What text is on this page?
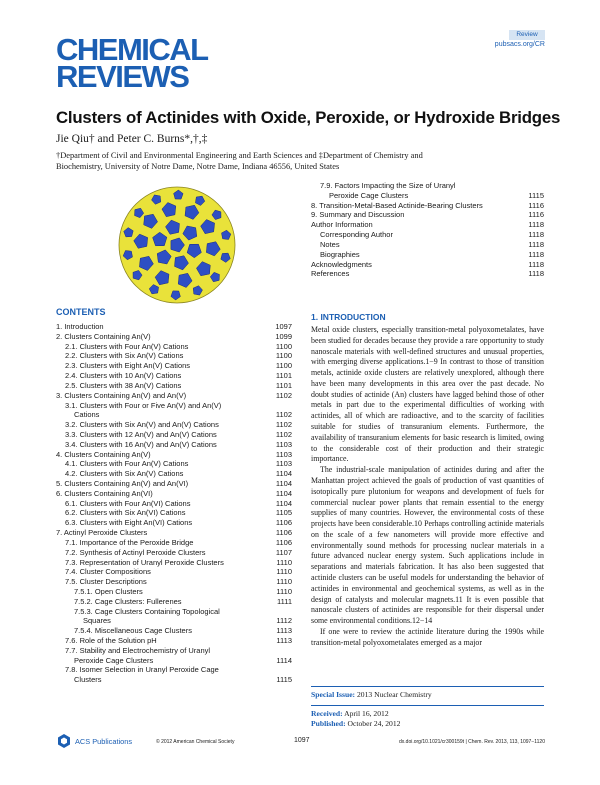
CHEMICAL
REVIEWS
Review
pubsacs.org/CR
Clusters of Actinides with Oxide, Peroxide, or Hydroxide Bridges
Jie Qiu† and Peter C. Burns*,†,‡
†Department of Civil and Environmental Engineering and Earth Sciences and ‡Department of Chemistry and Biochemistry, University of Notre Dame, Notre Dame, Indiana 46556, United States
CONTENTS
1. Introduction	1097
2. Clusters Containing An(V)	1099
2.1. Clusters with Four An(V) Cations	1100
2.2. Clusters with Six An(V) Cations	1100
2.3. Clusters with Eight An(V) Cations	1100
2.4. Clusters with 10 An(V) Cations	1101
2.5. Clusters with 38 An(V) Cations	1101
3. Clusters Containing An(V) and An(V)	1102
3.1. Clusters with Four or Five An(V) and An(V)
Cations	1102
3.2. Clusters with Six An(V) and An(V) Cations	1102
3.3. Clusters with 12 An(V) and An(V) Cations	1102
3.4. Clusters with 16 An(V) and An(V) Cations	1103
4. Clusters Containing An(V)	1103
4.1. Clusters with Four An(V) Cations	1103
4.2. Clusters with Six An(V) Cations	1104
5. Clusters Containing An(V) and An(VI)	1104
6. Clusters Containing An(VI)	1104
6.1. Clusters with Four An(VI) Cations	1104
6.2. Clusters with Six An(VI) Cations	1105
6.3. Clusters with Eight An(VI) Cations	1106
7. Actinyl Peroxide Clusters	1106
7.1. Importance of the Peroxide Bridge	1106
7.2. Synthesis of Actinyl Peroxide Clusters	1107
7.3. Representation of Uranyl Peroxide Clusters	1110
7.4. Cluster Compositions	1110
7.5. Cluster Descriptions	1110
7.5.1. Open Clusters	1110
7.5.2. Cage Clusters: Fullerenes	1111
7.5.3. Cage Clusters Containing Topological
Squares	1112
7.5.4. Miscellaneous Cage Clusters	1113
7.6. Role of the Solution pH	1113
7.7. Stability and Electrochemistry of Uranyl
Peroxide Cage Clusters	1114
7.8. Isomer Selection in Uranyl Peroxide Cage
Clusters	1115
7.9. Factors Impacting the Size of Uranyl
Peroxide Cage Clusters	1115
8. Transition-Metal-Based Actinide-Bearing Clusters	1116
9. Summary and Discussion	1116
Author Information	1118
Corresponding Author	1118
Notes	1118
Biographies	1118
Acknowledgments	1118
References	1118
1. INTRODUCTION

Metal oxide clusters, especially transition-metal polyoxometalates, have been studied for decades because they provide a rare opportunity to study nanoscale materials with well-defined structures and unusual properties, with emerging diverse applications.1−9 In contrast to those of transition metals, actinide oxide clusters are relatively unexplored, although there have been many developments in this area over the past decade. No doubt studies of actinide (An) clusters have lagged behind those of other metals in part due to the experimental difficulties of working with actinides, all of which are radioactive, and to the scarcity of facilities suitable for studies of transuranium elements. Furthermore, the availability of transuranium elements for basic research is limited, owing to the considerable cost of their production and their strategic importance.

The industrial-scale manipulation of actinides during and after the Manhattan project achieved the goals of production of vast quantities of isotopically pure plutonium for weapons and development of fuels for commercial nuclear power plants that remain essential to the energy supplies of many countries. However, the environmental costs of these projects have been considerable.10 Perhaps controlling actinide materials on the scale of a few nanometers will provide more effective and environmentally sound methods for processing nuclear materials in a future advanced nuclear energy system. Such applications include in separations and materials fabrication. It has also been suggested that actinide clusters can be useful models for understanding the behavior of actinides in environmental and geochemical systems, as well as in the design of catalysts and molecular magnets.11 It is even possible that nanoscale clusters of actinides are responsible for their dispersal under some environmental conditions.12−14

If one were to review the actinide literature during the 1990s while transition-metal polyoxometalates emerged as a major

Special Issue: 2013 Nuclear Chemistry
Received: April 16, 2012
Published: October 24, 2012
ACS Publications	© 2012 American Chemical Society	1097	dx.doi.org/10.1021/cr300159t | Chem. Rev. 2013, 113, 1097−1120
